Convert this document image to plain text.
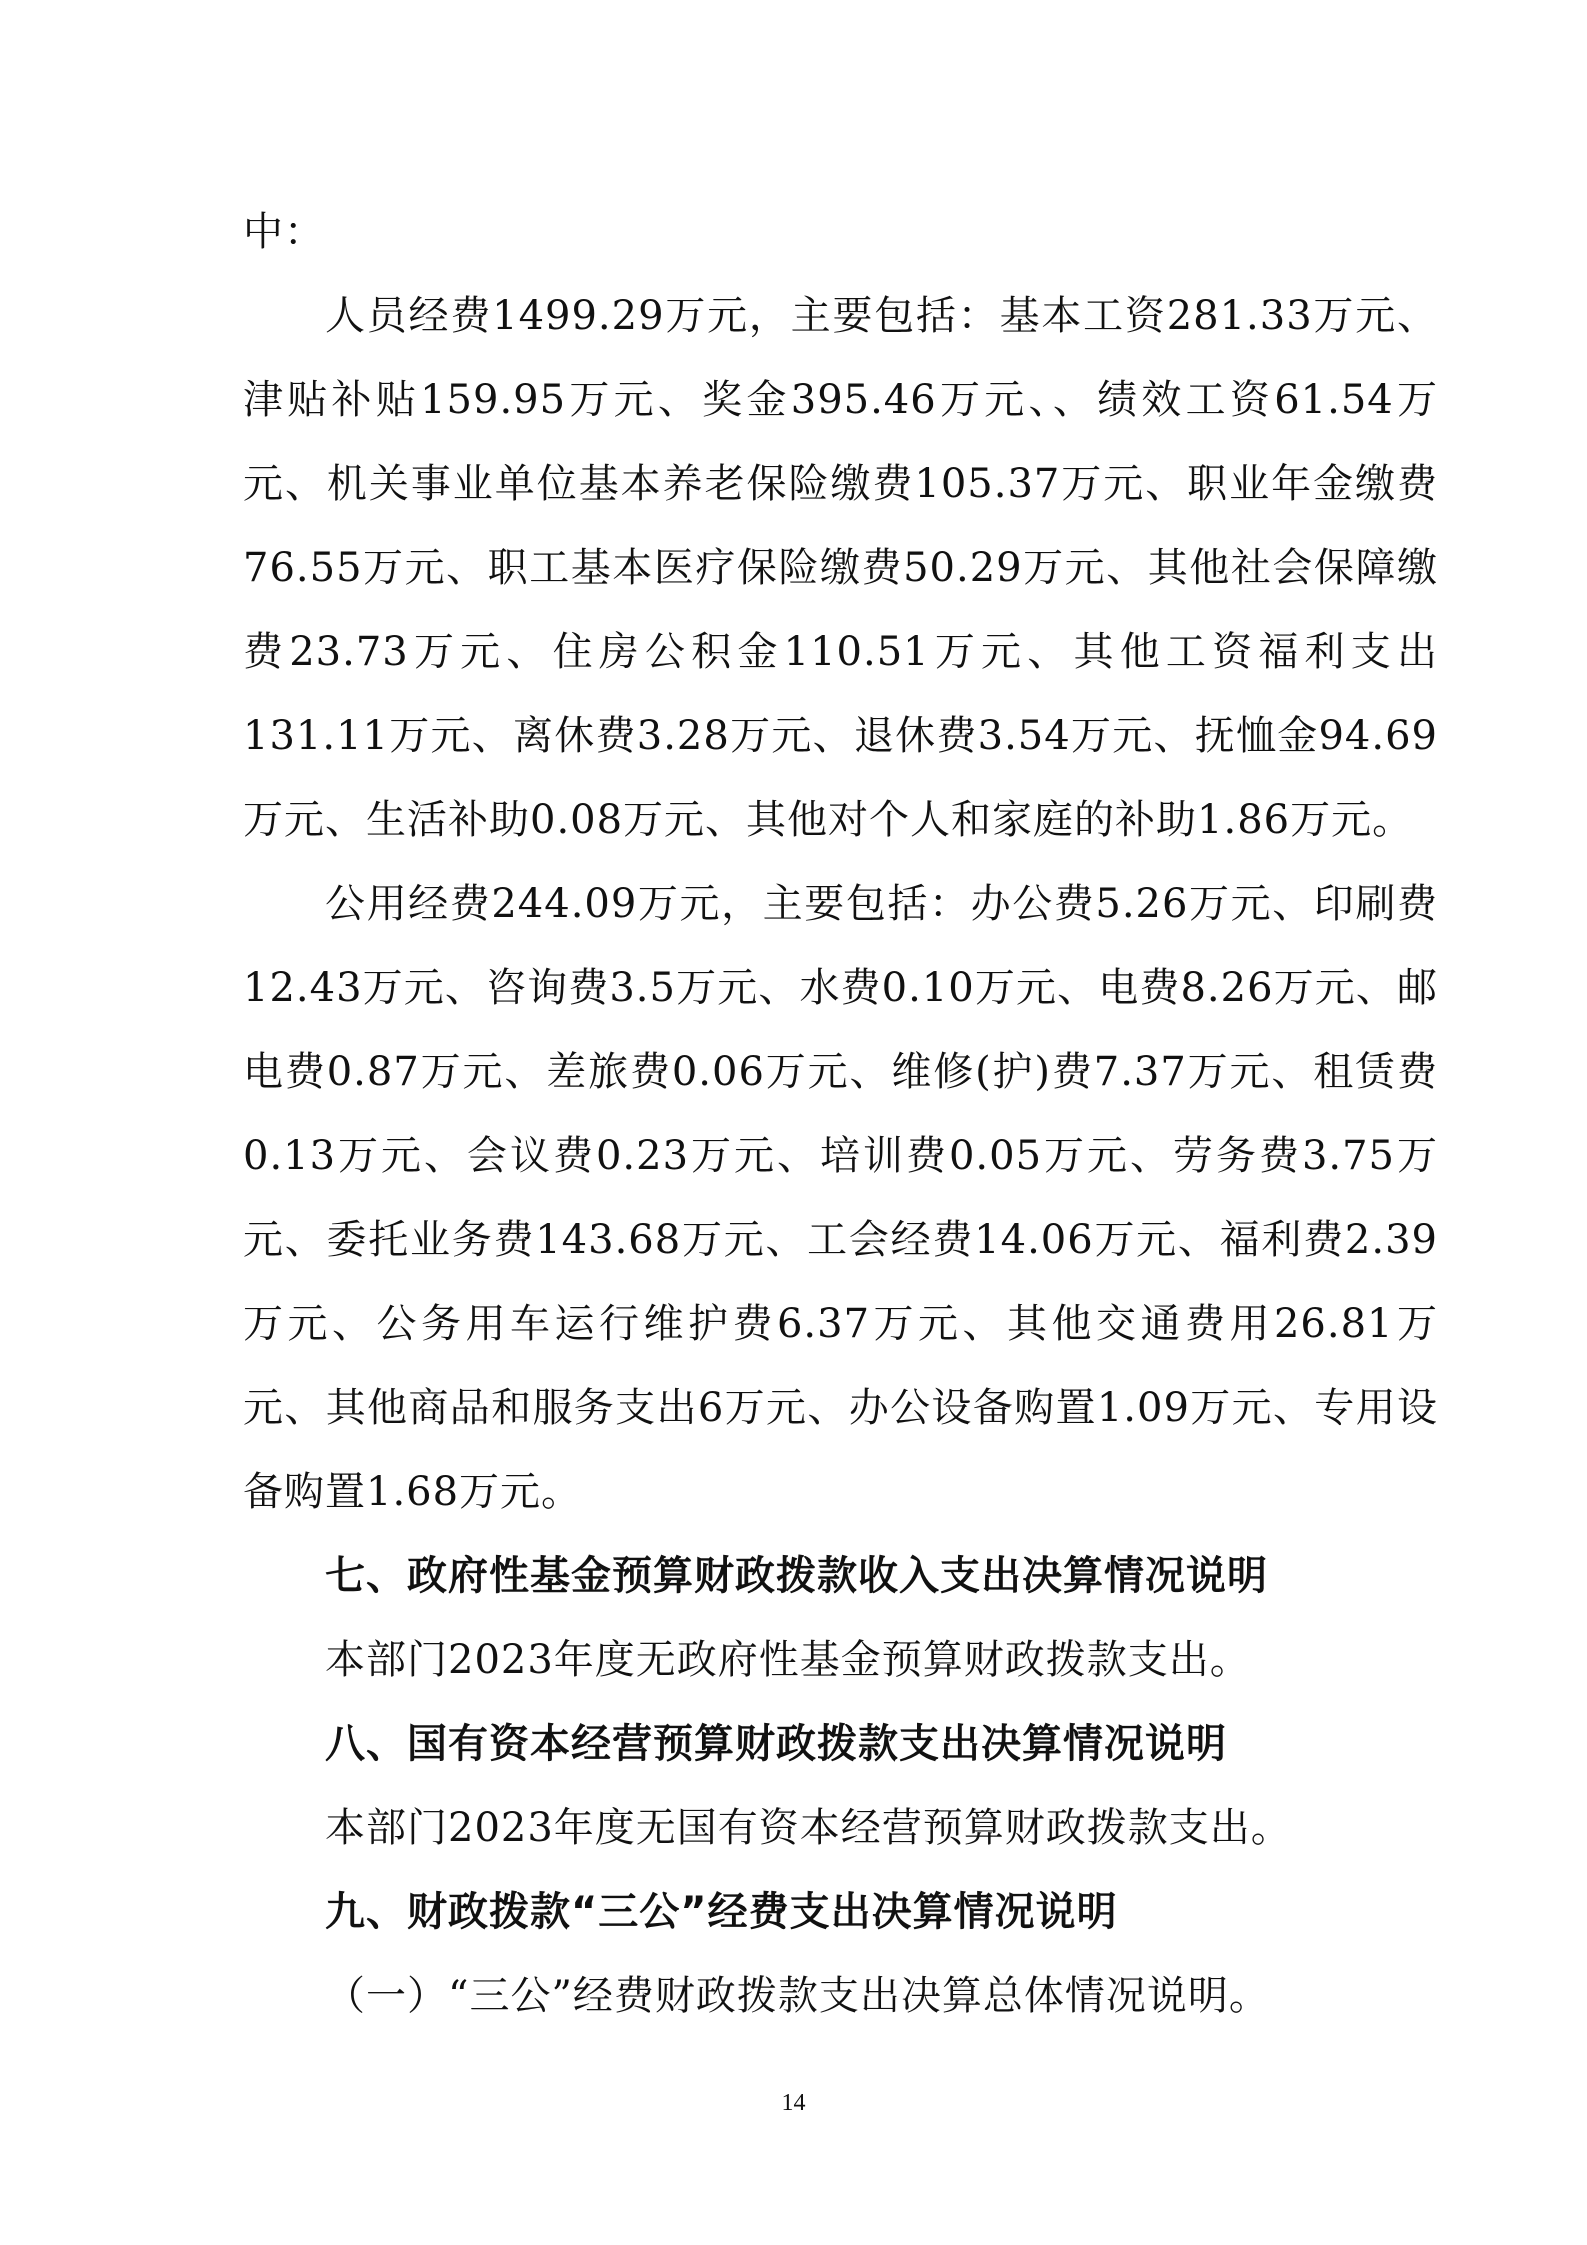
中：

人员经费1499.29万元，主要包括：基本工资281.33万元、津贴补贴159.95万元、奖金395.46万元、、绩效工资61.54万元、机关事业单位基本养老保险缴费105.37万元、职业年金缴费76.55万元、职工基本医疗保险缴费50.29万元、其他社会保障缴费23.73万元、住房公积金110.51万元、其他工资福利支出131.11万元、离休费3.28万元、退休费3.54万元、抚恤金94.69万元、生活补助0.08万元、其他对个人和家庭的补助1.86万元。

公用经费244.09万元，主要包括：办公费5.26万元、印刷费12.43万元、咨询费3.5万元、水费0.10万元、电费8.26万元、邮电费0.87万元、差旅费0.06万元、维修(护)费7.37万元、租赁费0.13万元、会议费0.23万元、培训费0.05万元、劳务费3.75万元、委托业务费143.68万元、工会经费14.06万元、福利费2.39万元、公务用车运行维护费6.37万元、其他交通费用26.81万元、其他商品和服务支出6万元、办公设备购置1.09万元、专用设备购置1.68万元。

七、政府性基金预算财政拨款收入支出决算情况说明

本部门2023年度无政府性基金预算财政拨款支出。

八、国有资本经营预算财政拨款支出决算情况说明

本部门2023年度无国有资本经营预算财政拨款支出。

九、财政拨款“三公”经费支出决算情况说明

（一）“三公”经费财政拨款支出决算总体情况说明。

14
